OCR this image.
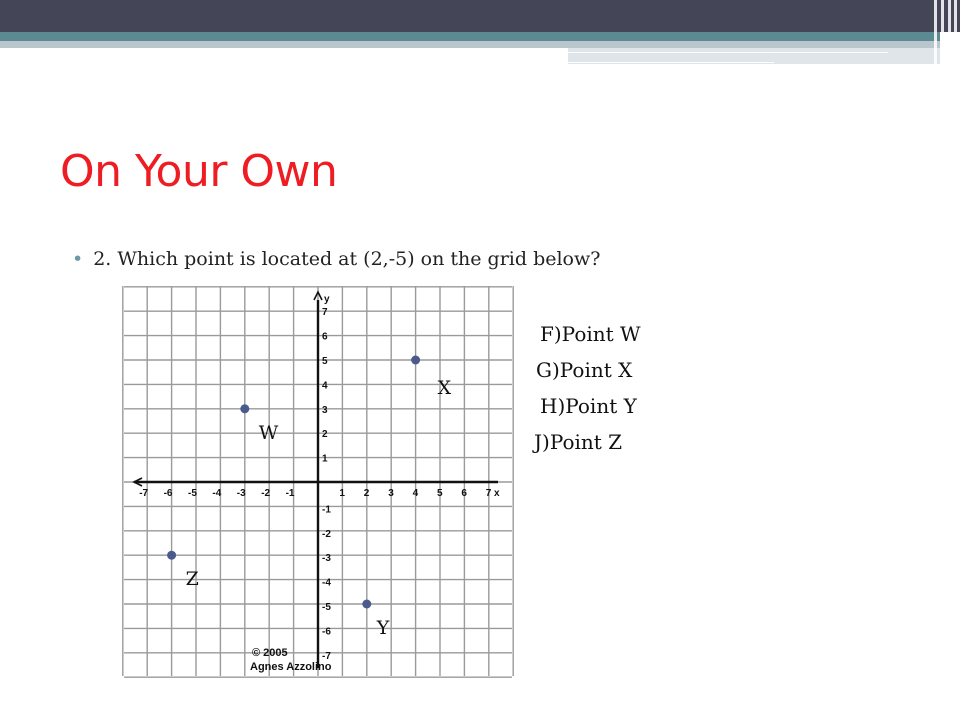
On Your Own
• 2. Which point is located at (2,-5) on the grid below?
-7 -6 -5 -4 -3 -2 -1	1 2 3 4 5 6 7
7
6
5
4
3
2
1
-1
-2
-3
-4
-5
-6
-7
W
X
Y
Z
x
y
© 2005
Agnes Azzolino
F)Point W
G)Point X
H)Point Y
J)Point Z
